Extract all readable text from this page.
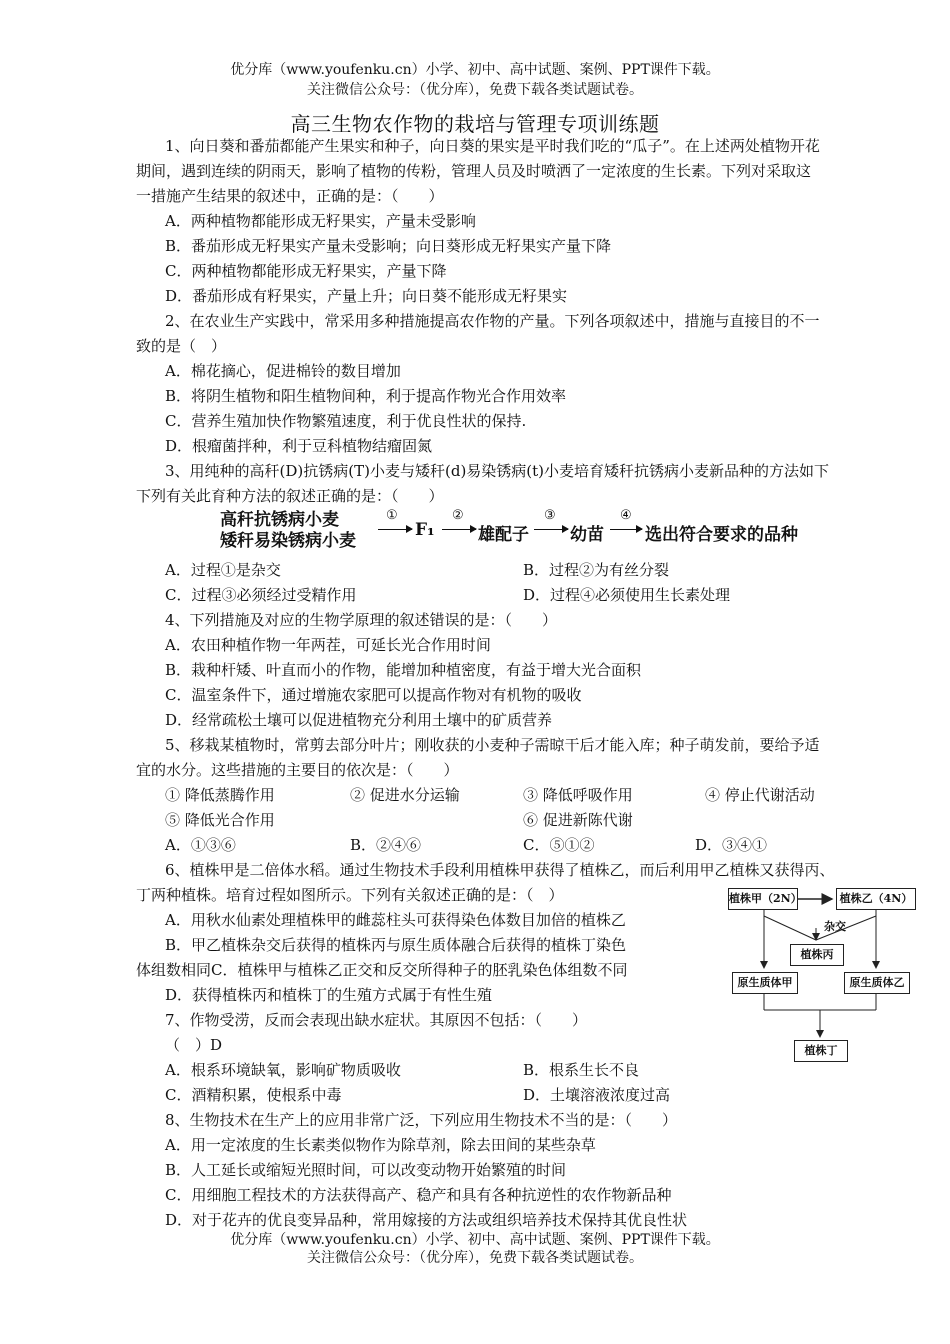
优分库（www.youfenku.cn）小学、初中、高中试题、案例、PPT课件下载。
关注微信公众号：（优分库），免费下载各类试题试卷。
高三生物农作物的栽培与管理专项训练题
1、向日葵和番茄都能产生果实和种子，向日葵的果实是平时我们吃的“瓜子”。在上述两处植物开花
期间，遇到连续的阴雨天，影响了植物的传粉，管理人员及时喷洒了一定浓度的生长素。下列对采取这
一措施产生结果的叙述中，正确的是：（　　）
A．两种植物都能形成无籽果实，产量未受影响
B．番茄形成无籽果实产量未受影响；向日葵形成无籽果实产量下降
C．两种植物都能形成无籽果实，产量下降
D．番茄形成有籽果实，产量上升；向日葵不能形成无籽果实
2、在农业生产实践中，常采用多种措施提高农作物的产量。下列各项叙述中，措施与直接目的不一
致的是（　）
A．棉花摘心，促进棉铃的数目增加
B．将阴生植物和阳生植物间种，利于提高作物光合作用效率
C．营养生殖加快作物繁殖速度，利于优良性状的保持.
D．根瘤菌拌种，利于豆科植物结瘤固氮
3、用纯种的高秆(D)抗锈病(T)小麦与矮秆(d)易染锈病(t)小麦培育矮秆抗锈病小麦新品种的方法如下
下列有关此育种方法的叙述正确的是：（　　）
高秆抗锈病小麦
矮秆易染锈病小麦
①
F₁
②
雄配子
③
幼苗
④
选出符合要求的品种
A．过程①是杂交	B．过程②为有丝分裂
C．过程③必须经过受精作用	D．过程④必须使用生长素处理
4、下列措施及对应的生物学原理的叙述错误的是：（　　）
A．农田种植作物一年两茬，可延长光合作用时间
B．栽种杆矮、叶直而小的作物，能增加种植密度，有益于增大光合面积
C．温室条件下，通过增施农家肥可以提高作物对有机物的吸收
D．经常疏松土壤可以促进植物充分利用土壤中的矿质营养
5、移栽某植物时，常剪去部分叶片；刚收获的小麦种子需晾干后才能入库；种子萌发前，要给予适
宜的水分。这些措施的主要目的依次是：（　　）
① 降低蒸腾作用	② 促进水分运输	③ 降低呼吸作用	④ 停止代谢活动
⑤ 降低光合作用	⑥ 促进新陈代谢
A．①③⑥	B．②④⑥	C．⑤①②	D．③④①
6、植株甲是二倍体水稻。通过生物技术手段利用植株甲获得了植株乙，而后利用甲乙植株又获得丙、
丁两种植株。培育过程如图所示。下列有关叙述正确的是：（　）
A．用秋水仙素处理植株甲的雌蕊柱头可获得染色体数目加倍的植株乙
B．甲乙植株杂交后获得的植株丙与原生质体融合后获得的植株丁染色
体组数相同C．植株甲与植株乙正交和反交所得种子的胚乳染色体组数不同
D．获得植株丙和植株丁的生殖方式属于有性生殖
植株甲（2N）	植株乙（4N）
杂交
植株丙
原生质体甲	原生质体乙
植株丁
7、作物受涝，反而会表现出缺水症状。其原因不包括：（　　）
（　）D
A．根系环境缺氧，影响矿物质吸收	B．根系生长不良
C．酒精积累，使根系中毒	D．土壤溶液浓度过高
8、生物技术在生产上的应用非常广泛，下列应用生物技术不当的是：（　　）
A．用一定浓度的生长素类似物作为除草剂，除去田间的某些杂草
B．人工延长或缩短光照时间，可以改变动物开始繁殖的时间
C．用细胞工程技术的方法获得高产、稳产和具有各种抗逆性的农作物新品种
D．对于花卉的优良变异品种，常用嫁接的方法或组织培养技术保持其优良性状
优分库（www.youfenku.cn）小学、初中、高中试题、案例、PPT课件下载。
关注微信公众号：（优分库），免费下载各类试题试卷。
